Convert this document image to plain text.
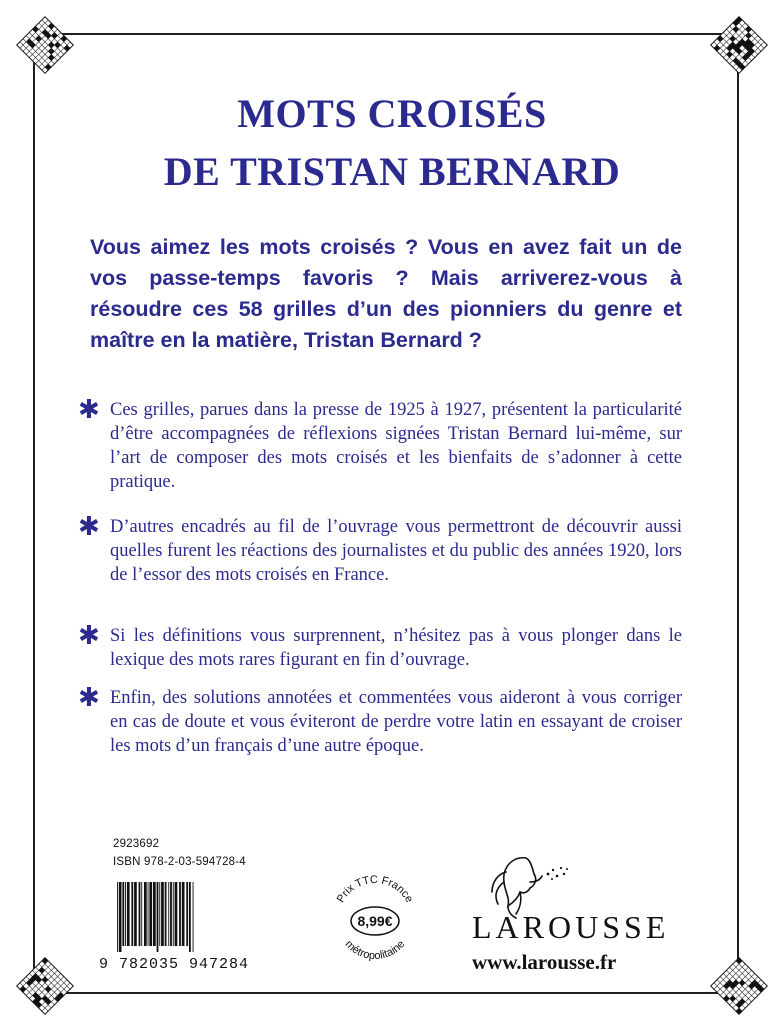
MOTS CROISÉS
DE TRISTAN BERNARD

Vous aimez les mots croisés ? Vous en avez fait un de vos passe-temps favoris ? Mais arriverez-vous à résoudre ces 58 grilles d’un des pionniers du genre et maître en la matière, Tristan Bernard ?

✱ Ces grilles, parues dans la presse de 1925 à 1927, présentent la particularité d’être accompagnées de réflexions signées Tristan Bernard lui-même, sur l’art de composer des mots croisés et les bienfaits de s’adonner à cette pratique.
✱ D’autres encadrés au fil de l’ouvrage vous permettront de découvrir aussi quelles furent les réactions des journalistes et du public des années 1920, lors de l’essor des mots croisés en France.
✱ Si les définitions vous surprennent, n’hésitez pas à vous plonger dans le lexique des mots rares figurant en fin d’ouvrage.
✱ Enfin, des solutions annotées et commentées vous aideront à vous corriger en cas de doute et vous éviteront de perdre votre latin en essayant de croiser les mots d’un français d’une autre époque.
2923692
ISBN 978-2-03-594728-4
9 782035 947284
Prix TTC France
8,99€
métropolitaine LAROUSSE
www.larousse.fr
